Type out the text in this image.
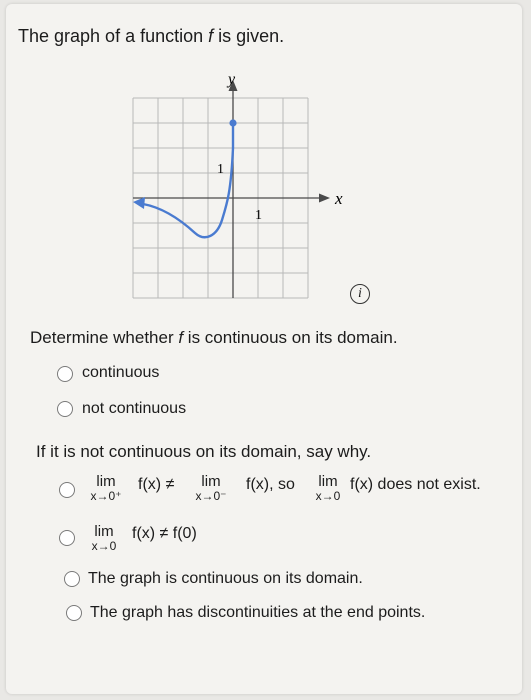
The graph of a function f is given.
y
x
1
1
i
Determine whether f is continuous on its domain.
continuous
not continuous
If it is not continuous on its domain, say why.
lim
x→0⁺
f(x) ≠	lim
x→0⁻
f(x), so	lim
x→0
f(x) does not exist.
lim
x→0
f(x) ≠ f(0)
The graph is continuous on its domain.
The graph has discontinuities at the end points.
